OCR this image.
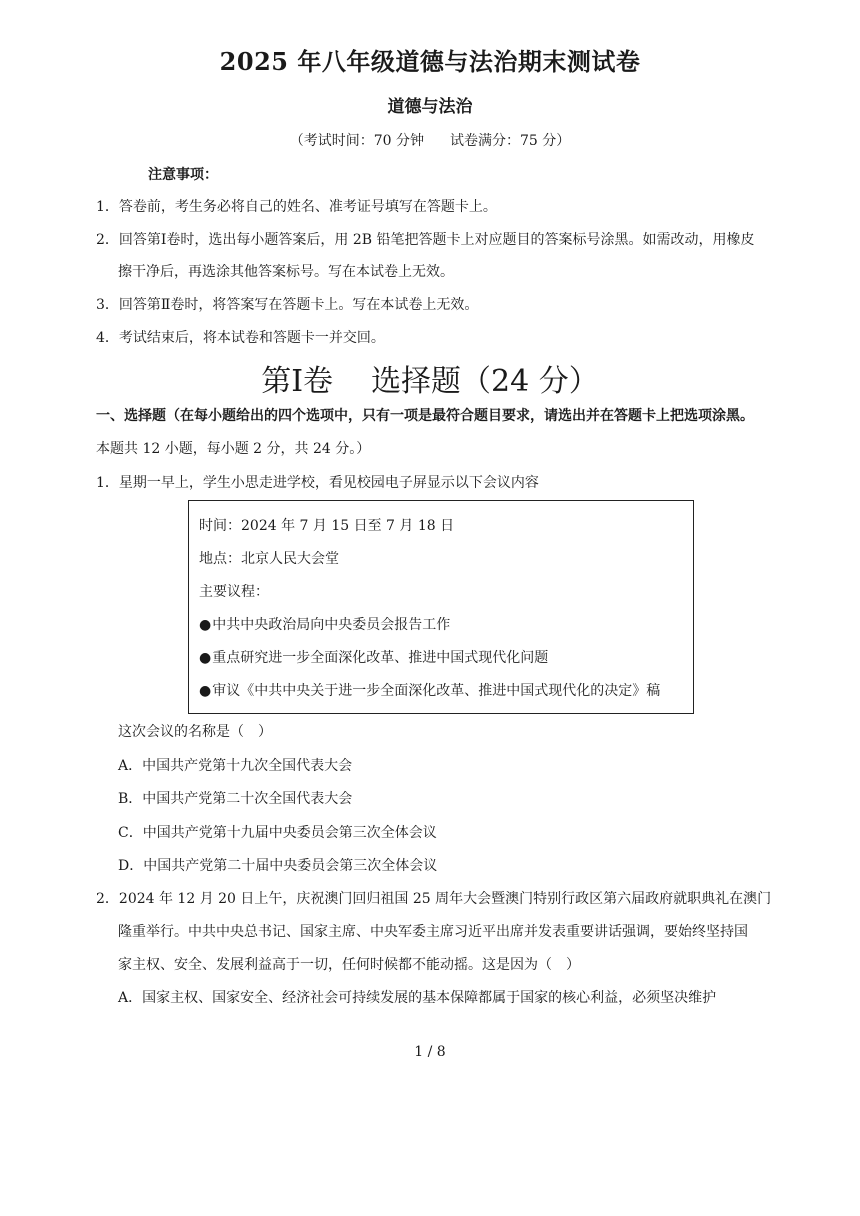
2025 年八年级道德与法治期末测试卷
道德与法治
（考试时间：70 分钟 试卷满分：75 分）
注意事项：
1．答卷前，考生务必将自己的姓名、准考证号填写在答题卡上。
2．回答第Ⅰ卷时，选出每小题答案后，用 2B 铅笔把答题卡上对应题目的答案标号涂黑。如需改动，用橡皮
擦干净后，再选涂其他答案标号。写在本试卷上无效。
3．回答第Ⅱ卷时，将答案写在答题卡上。写在本试卷上无效。
4．考试结束后，将本试卷和答题卡一并交回。
第Ⅰ卷 选择题（24 分）
一、选择题（在每小题给出的四个选项中，只有一项是最符合题目要求，请选出并在答题卡上把选项涂黑。
本题共 12 小题，每小题 2 分，共 24 分。）
1．星期一早上，学生小思走进学校，看见校园电子屏显示以下会议内容
时间：2024 年 7 月 15 日至 7 月 18 日
地点：北京人民大会堂
主要议程：
●中共中央政治局向中央委员会报告工作
●重点研究进一步全面深化改革、推进中国式现代化问题
●审议《中共中央关于进一步全面深化改革、推进中国式现代化的决定》稿
这次会议的名称是（　）
A．中国共产党第十九次全国代表大会
B．中国共产党第二十次全国代表大会
C．中国共产党第十九届中央委员会第三次全体会议
D．中国共产党第二十届中央委员会第三次全体会议
2．2024 年 12 月 20 日上午，庆祝澳门回归祖国 25 周年大会暨澳门特别行政区第六届政府就职典礼在澳门
隆重举行。中共中央总书记、国家主席、中央军委主席习近平出席并发表重要讲话强调，要始终坚持国
家主权、安全、发展利益高于一切，任何时候都不能动摇。这是因为（　）
A．国家主权、国家安全、经济社会可持续发展的基本保障都属于国家的核心利益，必须坚决维护
1 / 8
